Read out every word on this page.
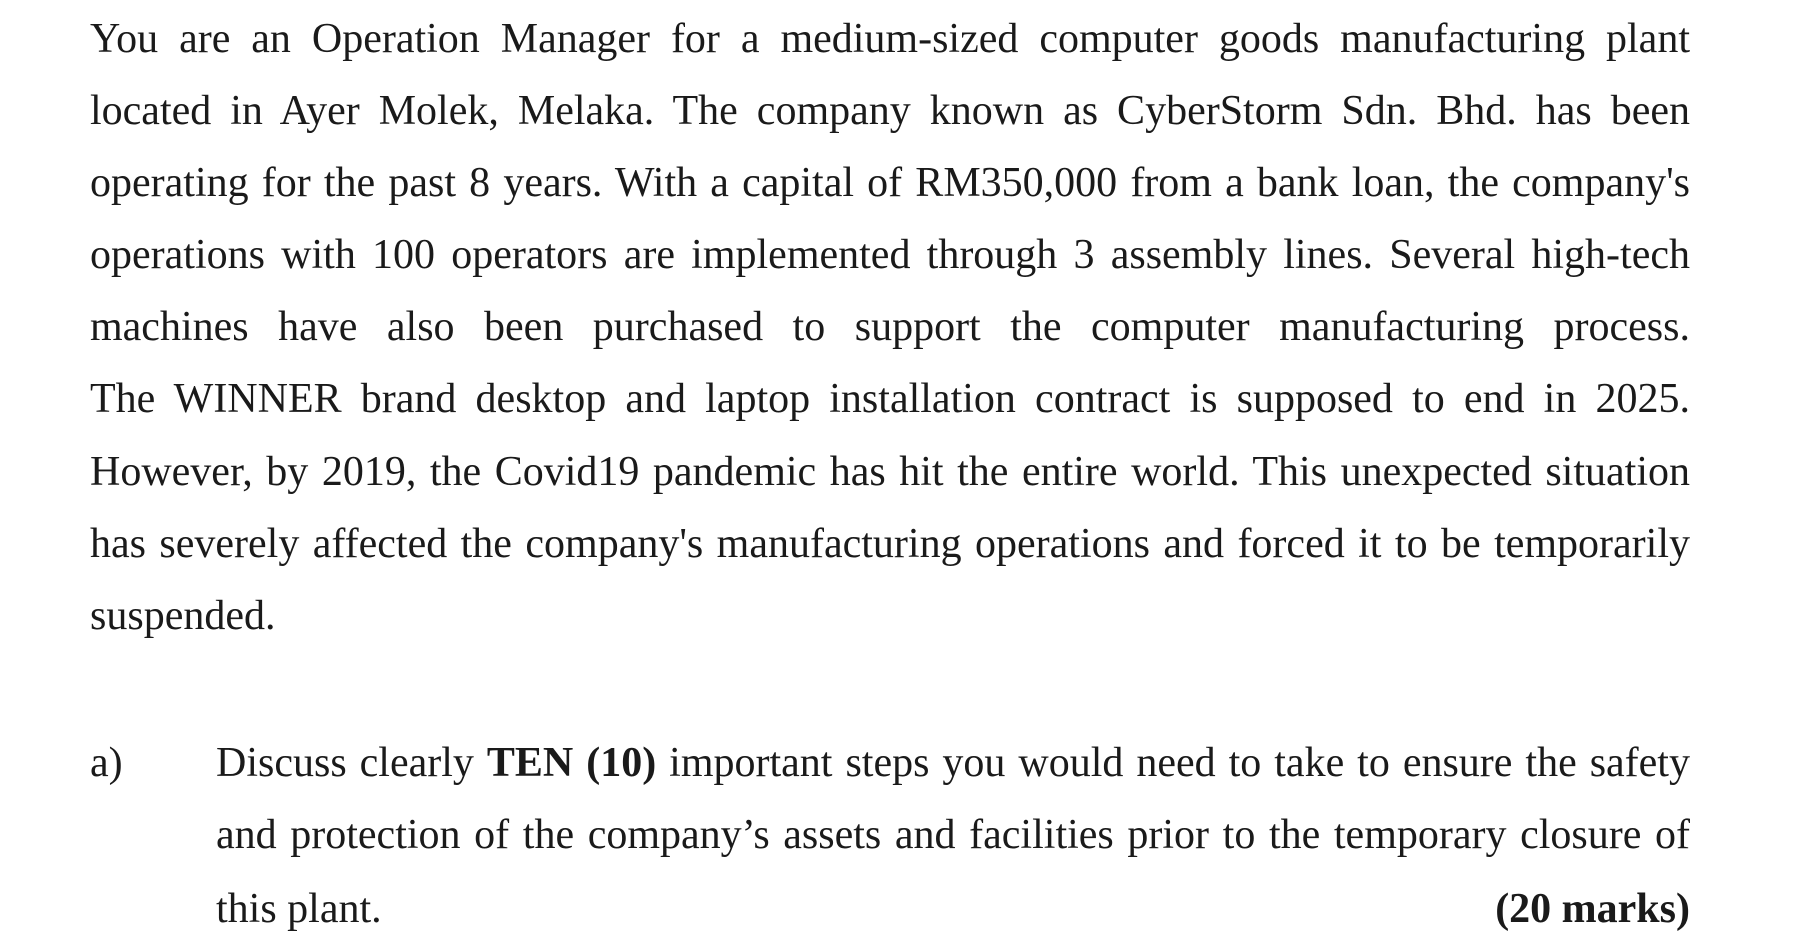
You are an Operation Manager for a medium-sized computer goods manufacturing plant
located in Ayer Molek, Melaka. The company known as CyberStorm Sdn. Bhd. has been
operating for the past 8 years. With a capital of RM350,000 from a bank loan, the company's
operations with 100 operators are implemented through 3 assembly lines. Several high-tech
machines have also been purchased to support the computer manufacturing process.
The WINNER brand desktop and laptop installation contract is supposed to end in 2025.
However, by 2019, the Covid19 pandemic has hit the entire world. This unexpected situation
has severely affected the company's manufacturing operations and forced it to be temporarily
suspended.
a) Discuss clearly TEN (10) important steps you would need to take to ensure the safety
and protection of the company’s assets and facilities prior to the temporary closure of
this plant.	(20 marks)
